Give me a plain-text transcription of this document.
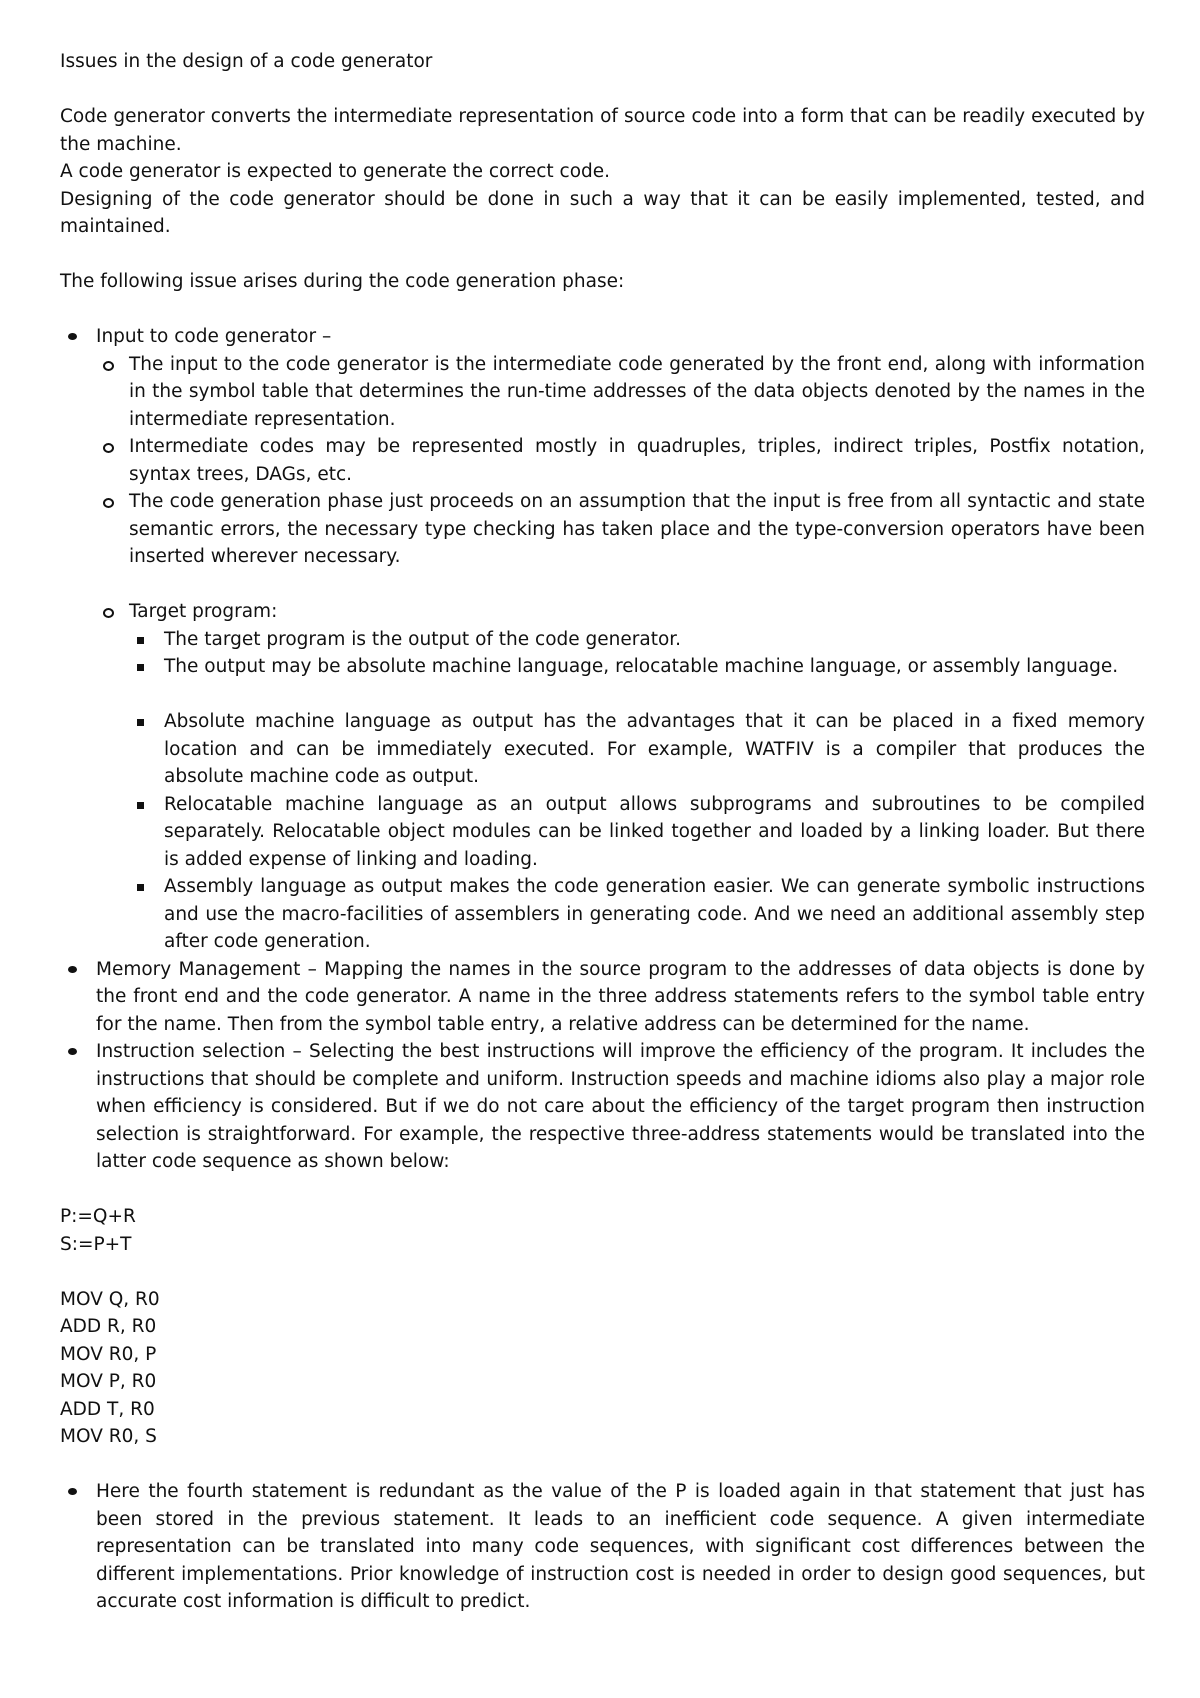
Issues in the design of a code generator

Code generator converts the intermediate representation of source code into a form that can be readily executed by the machine.

A code generator is expected to generate the correct code.

Designing of the code generator should be done in such a way that it can be easily implemented, tested, and maintained.

The following issue arises during the code generation phase:

Input to code generator –
The input to the code generator is the intermediate code generated by the front end, along with information in the symbol table that determines the run-time addresses of the data objects denoted by the names in the intermediate representation.
Intermediate codes may be represented mostly in quadruples, triples, indirect triples, Postfix notation, syntax trees, DAGs, etc.
The code generation phase just proceeds on an assumption that the input is free from all syntactic and state semantic errors, the necessary type checking has taken place and the type-conversion operators have been inserted wherever necessary.
Target program:
The target program is the output of the code generator.
The output may be absolute machine language, relocatable machine language, or assembly language.
Absolute machine language as output has the advantages that it can be placed in a fixed memory location and can be immediately executed. For example, WATFIV is a compiler that produces the absolute machine code as output.
Relocatable machine language as an output allows subprograms and subroutines to be compiled separately. Relocatable object modules can be linked together and loaded by a linking loader. But there is added expense of linking and loading.
Assembly language as output makes the code generation easier. We can generate symbolic instructions and use the macro-facilities of assemblers in generating code. And we need an additional assembly step after code generation.
Memory Management – Mapping the names in the source program to the addresses of data objects is done by the front end and the code generator. A name in the three address statements refers to the symbol table entry for the name. Then from the symbol table entry, a relative address can be determined for the name.
Instruction selection – Selecting the best instructions will improve the efficiency of the program. It includes the instructions that should be complete and uniform. Instruction speeds and machine idioms also play a major role when efficiency is considered. But if we do not care about the efficiency of the target program then instruction selection is straightforward. For example, the respective three-address statements would be translated into the latter code sequence as shown below:

P:=Q+R

S:=P+T

MOV Q, R0

ADD R, R0

MOV R0, P

MOV P, R0

ADD T, R0

MOV R0, S

Here the fourth statement is redundant as the value of the P is loaded again in that statement that just has been stored in the previous statement. It leads to an inefficient code sequence. A given intermediate representation can be translated into many code sequences, with significant cost differences between the different implementations. Prior knowledge of instruction cost is needed in order to design good sequences, but accurate cost information is difficult to predict.
